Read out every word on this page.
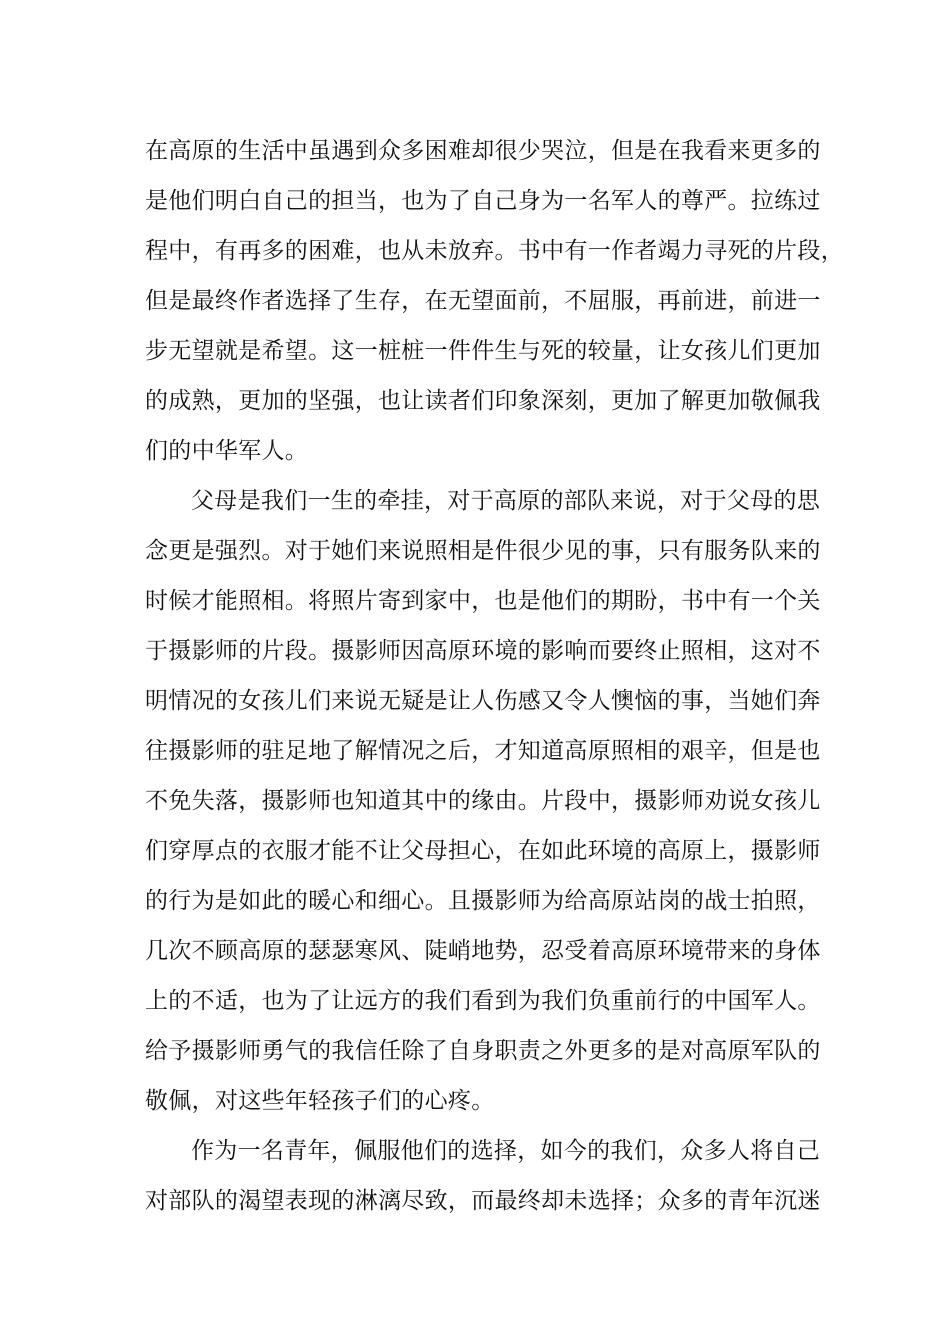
在高原的生活中虽遇到众多困难却很少哭泣，但是在我看来更多的
是他们明白自己的担当，也为了自己身为一名军人的尊严。拉练过
程中，有再多的困难，也从未放弃。书中有一作者竭力寻死的片段，
但是最终作者选择了生存，在无望面前，不屈服，再前进，前进一
步无望就是希望。这一桩桩一件件生与死的较量，让女孩儿们更加
的成熟，更加的坚强，也让读者们印象深刻，更加了解更加敬佩我
们的中华军人。
父母是我们一生的牵挂，对于高原的部队来说，对于父母的思
念更是强烈。对于她们来说照相是件很少见的事，只有服务队来的
时候才能照相。将照片寄到家中，也是他们的期盼，书中有一个关
于摄影师的片段。摄影师因高原环境的影响而要终止照相，这对不
明情况的女孩儿们来说无疑是让人伤感又令人懊恼的事，当她们奔
往摄影师的驻足地了解情况之后，才知道高原照相的艰辛，但是也
不免失落，摄影师也知道其中的缘由。片段中，摄影师劝说女孩儿
们穿厚点的衣服才能不让父母担心，在如此环境的高原上，摄影师
的行为是如此的暖心和细心。且摄影师为给高原站岗的战士拍照，
几次不顾高原的瑟瑟寒风、陡峭地势，忍受着高原环境带来的身体
上的不适，也为了让远方的我们看到为我们负重前行的中国军人。
给予摄影师勇气的我信任除了自身职责之外更多的是对高原军队的
敬佩，对这些年轻孩子们的心疼。
作为一名青年，佩服他们的选择，如今的我们，众多人将自己
对部队的渴望表现的淋漓尽致，而最终却未选择；众多的青年沉迷
